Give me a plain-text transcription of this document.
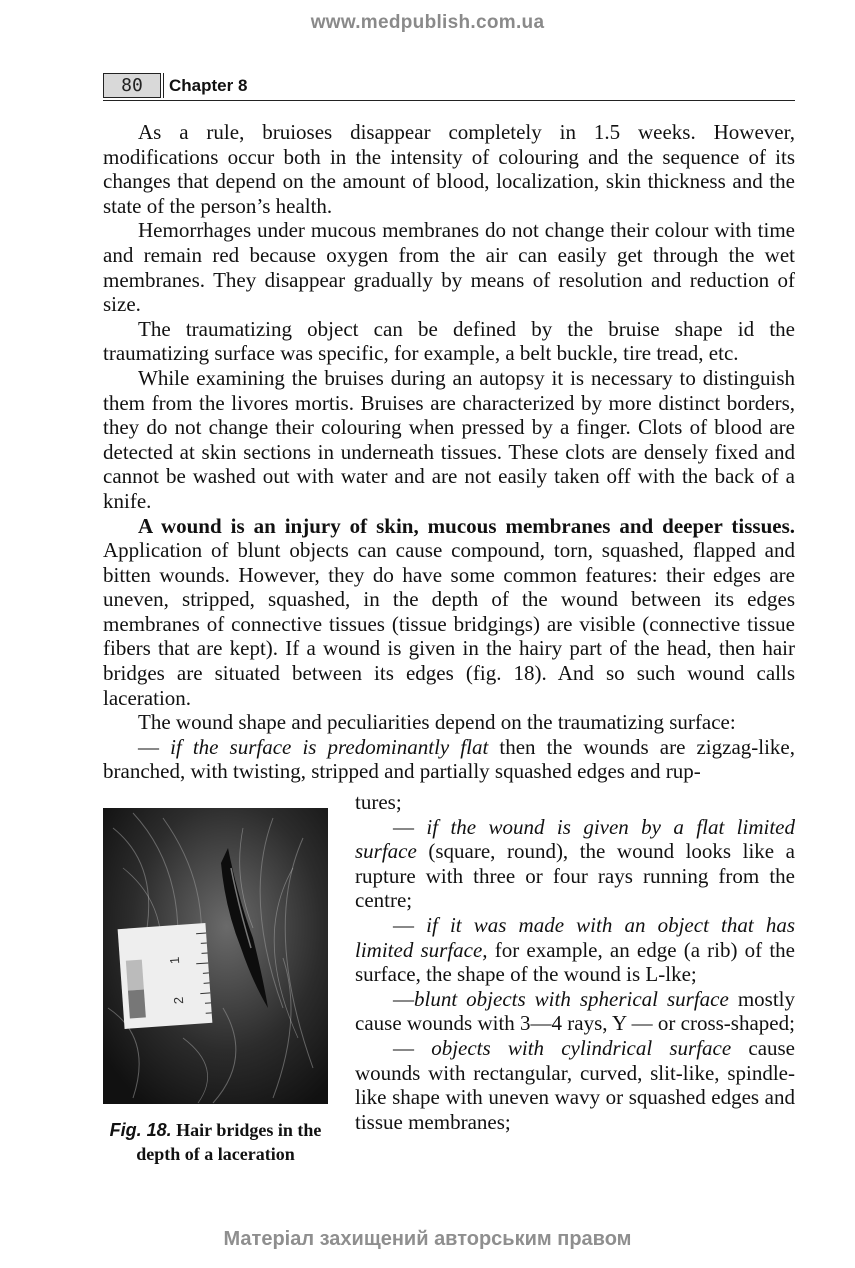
www.medpublish.com.ua
80	Chapter 8

As a rule, bruioses disappear completely in 1.5 weeks. However, modifications occur both in the intensity of colouring and the sequence of its changes that depend on the amount of blood, localization, skin thickness and the state of the person’s health.

Hemorrhages under mucous membranes do not change their colour with time and remain red because oxygen from the air can easily get through the wet membranes. They disappear gradually by means of resolution and reduction of size.

The traumatizing object can be defined by the bruise shape id the traumatizing surface was specific, for example, a belt buckle, tire tread, etc.

While examining the bruises during an autopsy it is necessary to distinguish them from the livores mortis. Bruises are characterized by more distinct borders, they do not change their colouring when pressed by a finger. Clots of blood are detected at skin sections in underneath tissues. These clots are densely fixed and cannot be washed out with water and are not easily taken off with the back of a knife.

A wound is an injury of skin, mucous membranes and deeper tissues. Application of blunt objects can cause compound, torn, squashed, flapped and bitten wounds. However, they do have some common features: their edges are uneven, stripped, squashed, in the depth of the wound between its edges membranes of connective tissues (tissue bridgings) are visible (connective tissue fibers that are kept). If a wound is given in the hairy part of the head, then hair bridges are situated between its edges (fig. 18). And so such wound calls laceration.

The wound shape and peculiarities depend on the traumatizing surface:

— if the surface is predominantly flat then the wounds are zigzag-like, branched, with twisting, stripped and partially squashed edges and rup-

1
2
Fig. 18. Hair bridges in the depth of a laceration

tures;

— if the wound is given by a flat limited surface (square, round), the wound looks like a rupture with three or four rays running from the centre;

— if it was made with an object that has limited surface, for example, an edge (a rib) of the surface, the shape of the wound is L-lke;

—blunt objects with spherical surface mostly cause wounds with 3—4 rays, Y — or cross-shaped;

— objects with cylindrical surface cause wounds with rectangular, curved, slit-like, spindle-like shape with uneven wavy or squashed edges and tissue membranes;

Матеріал захищений авторським правом
